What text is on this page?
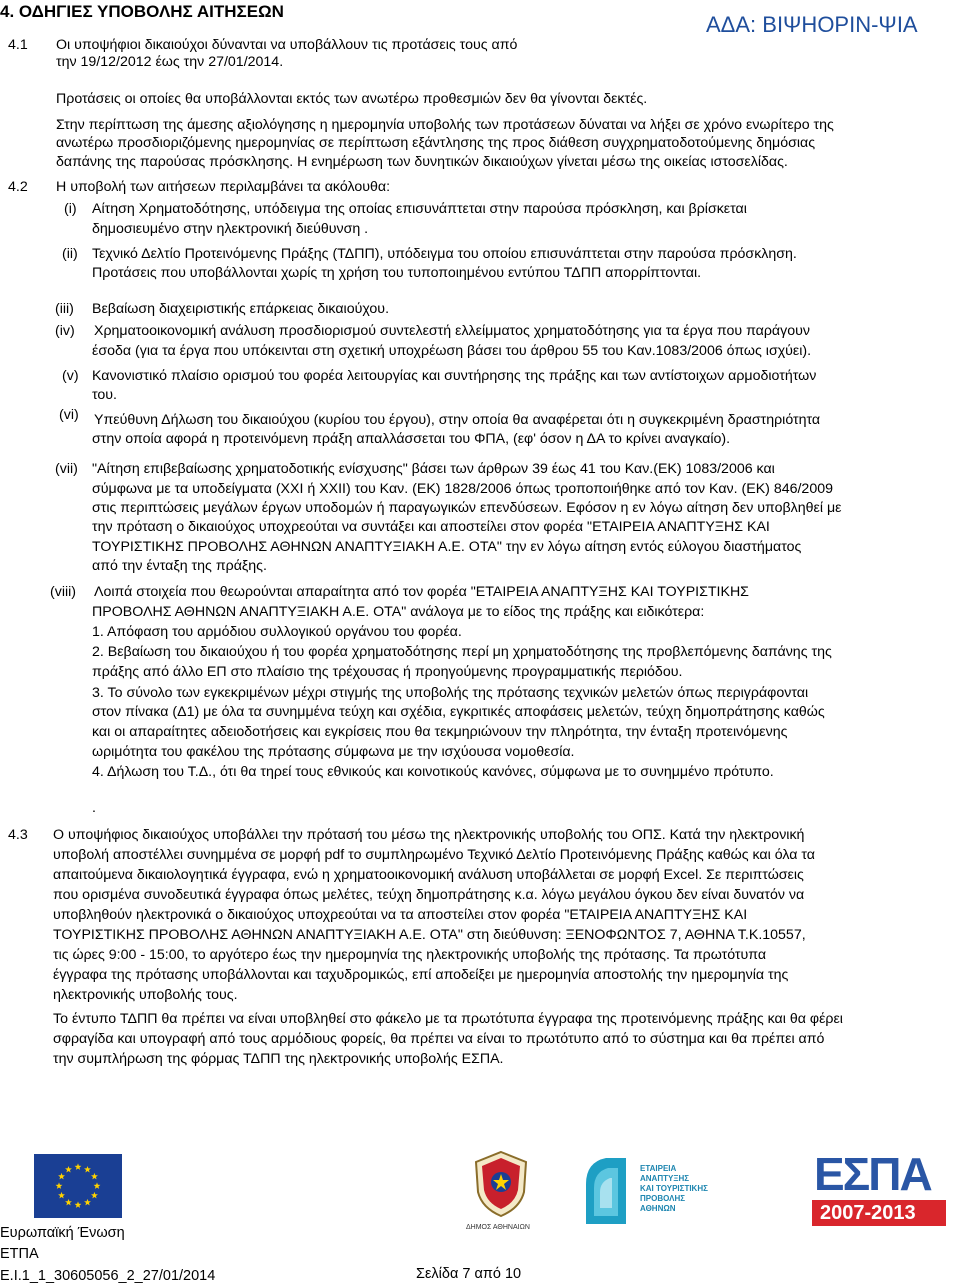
4. ΟΔΗΓΙΕΣ ΥΠΟΒΟΛΗΣ ΑΙΤΗΣΕΩΝ
ΑΔΑ: ΒΙΨΗΟΡΙΝ-ΨΙΑ
4.1 Οι υποψήφιοι δικαιούχοι δύνανται να υποβάλλουν τις προτάσεις τους από
την 19/12/2012 έως την 27/01/2014.
Προτάσεις οι οποίες θα υποβάλλονται εκτός των ανωτέρω προθεσμιών δεν θα γίνονται δεκτές.
Στην περίπτωση της άμεσης αξιολόγησης η ημερομηνία υποβολής των προτάσεων δύναται να λήξει σε χρόνο ενωρίτερο της
ανωτέρω προσδιοριζόμενης ημερομηνίας σε περίπτωση εξάντλησης της προς διάθεση συγχρηματοδοτούμενης δημόσιας
δαπάνης της παρούσας πρόσκλησης. Η ενημέρωση των δυνητικών δικαιούχων γίνεται μέσω της οικείας ιστοσελίδας.
4.2 Η υποβολή των αιτήσεων περιλαμβάνει τα ακόλουθα:
(i) Αίτηση Χρηματοδότησης, υπόδειγμα της οποίας επισυνάπτεται στην παρούσα πρόσκληση, και βρίσκεται
δημοσιευμένο στην ηλεκτρονική διεύθυνση .
(ii) Τεχνικό Δελτίο Προτεινόμενης Πράξης (ΤΔΠΠ), υπόδειγμα του οποίου επισυνάπτεται στην παρούσα πρόσκληση.
Προτάσεις που υποβάλλονται χωρίς τη χρήση του τυποποιημένου εντύπου ΤΔΠΠ απορρίπτονται.
(iii) Βεβαίωση διαχειριστικής επάρκειας δικαιούχου.
(iv) Χρηματοοικονομική ανάλυση προσδιορισμού συντελεστή ελλείμματος χρηματοδότησης για τα έργα που παράγουν
έσοδα (για τα έργα που υπόκεινται στη σχετική υποχρέωση βάσει του άρθρου 55 του Καν.1083/2006 όπως ισχύει).
(v) Κανονιστικό πλαίσιο ορισμού του φορέα λειτουργίας και συντήρησης της πράξης και των αντίστοιχων αρμοδιοτήτων
του.
(vi) Υπεύθυνη Δήλωση του δικαιούχου (κυρίου του έργου), στην οποία θα αναφέρεται ότι η συγκεκριμένη δραστηριότητα
στην οποία αφορά η προτεινόμενη πράξη απαλλάσσεται του ΦΠΑ, (εφ' όσον η ΔΑ το κρίνει αναγκαίο).
(vii) "Αίτηση επιβεβαίωσης χρηματοδοτικής ενίσχυσης" βάσει των άρθρων 39 έως 41 του Καν.(ΕΚ) 1083/2006 και
σύμφωνα με τα υποδείγματα (XXI ή XXII) του Καν. (ΕΚ) 1828/2006 όπως τροποποιήθηκε από τον Καν. (ΕΚ) 846/2009
στις περιπτώσεις μεγάλων έργων υποδομών ή παραγωγικών επενδύσεων. Εφόσον η εν λόγω αίτηση δεν υποβληθεί με
την πρόταση ο δικαιούχος υποχρεούται να συντάξει και αποστείλει στον φορέα "ΕΤΑΙΡΕΙΑ ΑΝΑΠΤΥΞΗΣ ΚΑΙ
ΤΟΥΡΙΣΤΙΚΗΣ ΠΡΟΒΟΛΗΣ ΑΘΗΝΩΝ ΑΝΑΠΤΥΞΙΑΚΗ Α.Ε. ΟΤΑ" την εν λόγω αίτηση εντός εύλογου διαστήματος
από την ένταξη της πράξης.
(viii) Λοιπά στοιχεία που θεωρούνται απαραίτητα από τον φορέα "ΕΤΑΙΡΕΙΑ ΑΝΑΠΤΥΞΗΣ ΚΑΙ ΤΟΥΡΙΣΤΙΚΗΣ
ΠΡΟΒΟΛΗΣ ΑΘΗΝΩΝ ΑΝΑΠΤΥΞΙΑΚΗ Α.Ε. ΟΤΑ" ανάλογα με το είδος της πράξης και ειδικότερα:
1. Απόφαση του αρμόδιου συλλογικού οργάνου του φορέα.
2. Βεβαίωση του δικαιούχου ή του φορέα χρηματοδότησης περί μη χρηματοδότησης της προβλεπόμενης δαπάνης της
πράξης από άλλο ΕΠ στο πλαίσιο της τρέχουσας ή προηγούμενης προγραμματικής περιόδου.
3. Το σύνολο των εγκεκριμένων μέχρι στιγμής της υποβολής της πρότασης τεχνικών μελετών όπως περιγράφονται
στον πίνακα (Δ1) με όλα τα συνημμένα τεύχη και σχέδια, εγκριτικές αποφάσεις μελετών, τεύχη δημοπράτησης καθώς
και οι απαραίτητες αδειοδοτήσεις και εγκρίσεις που θα τεκμηριώνουν την πληρότητα, την ένταξη προτεινόμενης
ωριμότητα του φακέλου της πρότασης σύμφωνα με την ισχύουσα νομοθεσία.
4. Δήλωση του Τ.Δ., ότι θα τηρεί τους εθνικούς και κοινοτικούς κανόνες, σύμφωνα με το συνημμένο πρότυπο.
.
4.3 Ο υποψήφιος δικαιούχος υποβάλλει την πρότασή του μέσω της ηλεκτρονικής υποβολής του ΟΠΣ. Κατά την ηλεκτρονική
υποβολή αποστέλλει συνημμένα σε μορφή pdf το συμπληρωμένο Τεχνικό Δελτίο Προτεινόμενης Πράξης καθώς και όλα τα
απαιτούμενα δικαιολογητικά έγγραφα, ενώ η χρηματοοικονομική ανάλυση υποβάλλεται σε μορφή Excel. Σε περιπτώσεις
που ορισμένα συνοδευτικά έγγραφα όπως μελέτες, τεύχη δημοπράτησης κ.α. λόγω μεγάλου όγκου δεν είναι δυνατόν να
υποβληθούν ηλεκτρονικά ο δικαιούχος υποχρεούται να τα αποστείλει στον φορέα "ΕΤΑΙΡΕΙΑ ΑΝΑΠΤΥΞΗΣ ΚΑΙ
ΤΟΥΡΙΣΤΙΚΗΣ ΠΡΟΒΟΛΗΣ ΑΘΗΝΩΝ ΑΝΑΠΤΥΞΙΑΚΗ Α.Ε. ΟΤΑ" στη διεύθυνση: ΞΕΝΟΦΩΝΤΟΣ 7, ΑΘΗΝΑ Τ.Κ.10557,
τις ώρες 9:00 - 15:00, το αργότερο έως την ημερομηνία της ηλεκτρονικής υποβολής της πρότασης. Τα πρωτότυπα
έγγραφα της πρότασης υποβάλλονται και ταχυδρομικώς, επί αποδείξει με ημερομηνία αποστολής την ημερομηνία της
ηλεκτρονικής υποβολής τους.
Το έντυπο ΤΔΠΠ θα πρέπει να είναι υποβληθεί στο φάκελο με τα πρωτότυπα έγγραφα της προτεινόμενης πράξης και θα φέρει
σφραγίδα και υπογραφή από τους αρμόδιους φορείς, θα πρέπει να είναι το πρωτότυπο από το σύστημα και θα πρέπει από
την συμπλήρωση της φόρμας ΤΔΠΠ της ηλεκτρονικής υποβολής ΕΣΠΑ.
ΔΗΜΟΣ ΑΘΗΝΑΙΩΝ
ΕΤΑΙΡΕΙΑ
ΑΝΑΠΤΥΞΗΣ
ΚΑΙ ΤΟΥΡΙΣΤΙΚΗΣ
ΠΡΟΒΟΛΗΣ
ΑΘΗΝΩΝ
ΕΣΠΑ
2007-2013
Ευρωπαϊκή Ένωση
ΕΤΠΑ
E.I.1_1_30605056_2_27/01/2014	Σελίδα 7 από 10
